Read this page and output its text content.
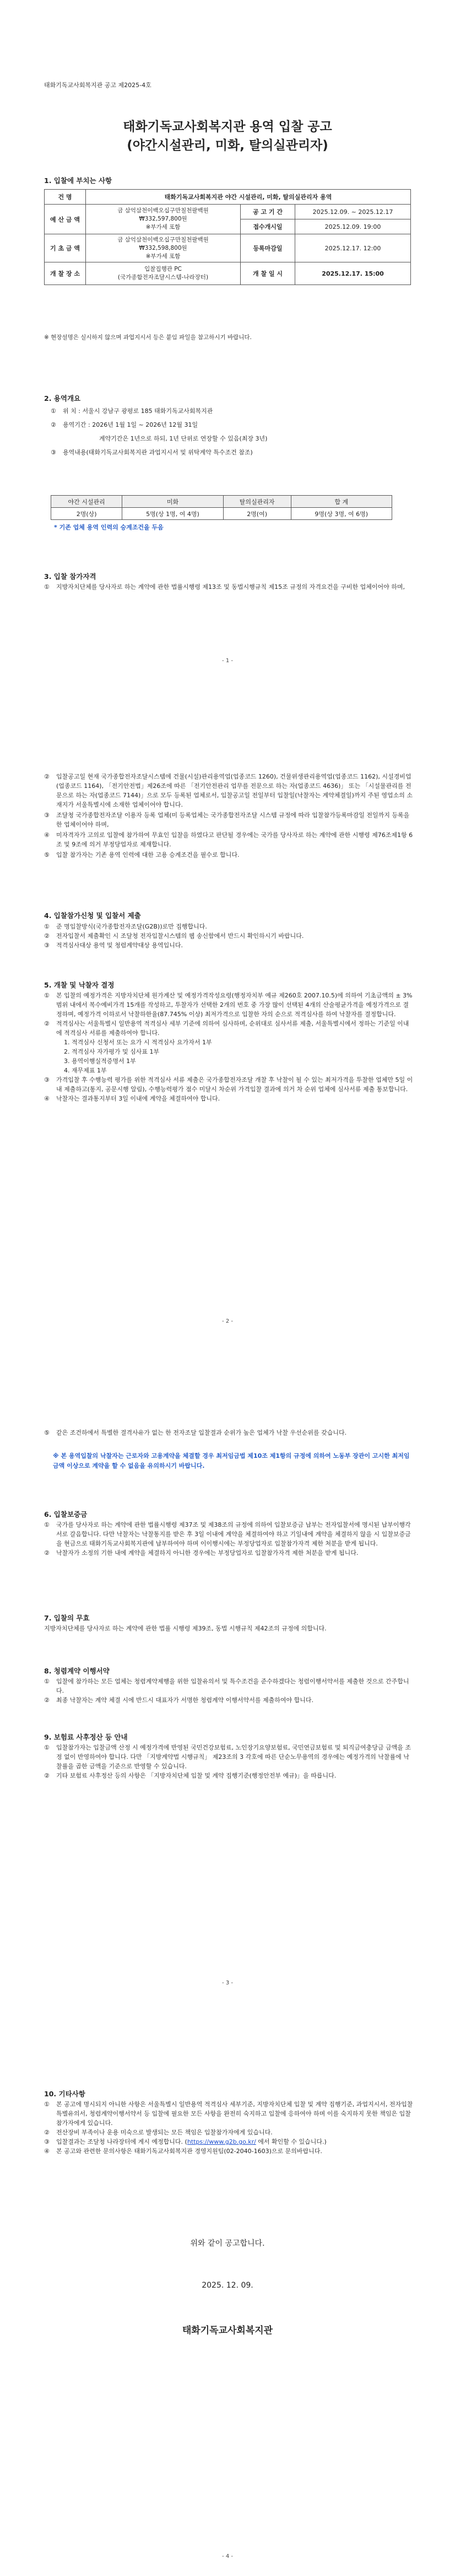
태화기독교사회복지관 공고 제2025-4호
태화기독교사회복지관 용역 입찰 공고
(야간시설관리, 미화, 탈의실관리자)
1. 입찰에 부치는 사항
건 명	태화기독교사회복지관 야간 시설관리, 미화, 탈의실관리자 용역		
예 산 금 액	금 삼억삼천이백오십구만칠천팔백원
₩332,597,800원
※부가세 포함	공 고 기 간	2025.12.09. ~ 2025.12.17
		접수개시일	2025.12.09. 19:00
기 초 금 액	금 삼억삼천이백오십구만칠천팔백원
₩332,598,800원
※부가세 포함	등록마감일	2025.12.17. 12:00
개 찰 장 소	입찰집행관 PC
(국가종합전자조달시스템-나라장터)	개 찰 일 시	2025.12.17. 15:00
※ 현장설명은 실시하지 않으며 과업지시서 등은 붙임 파일을 참고하시기 바랍니다.
2. 용역개요
①	위 치 : 서울시 강남구 광평로 185 태화기독교사회복지관
②	용역기간 : 2026년 1월 1일 ~ 2026년 12월 31일
계약기간은 1년으로 하되, 1년 단위로 연장할 수 있음(최장 3년)
③	용역내용(태화기독교사회복지관 과업지시서 및 위탁계약 특수조건 참조)
야간 시설관리	미화	탈의실관리자	합 계
2명(상)	5명(상 1명, 여 4명)	2명(여)	9명(상 3명, 여 6명)
* 기존 업체 용역 인력의 승계조건을 두음
3. 입찰 참가자격
①	지방자치단체를 당사자로 하는 계약에 관한 법률시행령 제13조 및 동법시행규칙 제15조 규정의 자격요건을 구비한 업체이어야 하며,
- 1 -
②	입찰공고일 현재 국가종합전자조달시스템에 건물(시설)관리용역업(업종코드 1260), 건물위생관리용역업(업종코드 1162), 시설경비업(업종코드 1164), 「전기안전법」제26조에 따른 「전기안전관리 업무를 전문으로 하는 자(업종코드 4636)」 또는 「시설물관리를 전문으로 하는 자(업종코드 7144)」으로 모두 등록된 업체로서, 입찰공고일 전일부터 입찰일(낙찰자는 계약체결일)까지 주된 영업소의 소재지가 서울특별시에 소재한 업체이어야 합니다.
③	조달청 국가종합전자조달 이용자 등록 업체(미 등록업체는 국가종합전자조달 시스템 규정에 따라 입찰참가등록마감일 전일까지 등록을 한 업체이어야 하며,
④	미자격자가 고의로 입찰에 참가하여 무효인 입찰을 하였다고 판단될 경우에는 국가를 당사자로 하는 계약에 관한 시행령 제76조제1항 6조 및 9조에 의거 부정당업자로 제재합니다.
⑤	입찰 참가자는 기존 용역 인력에 대한 고용 승계조건을 필수로 합니다.
4. 입찰참가신청 및 입찰서 제출
①	준 명입찰방식(국가종합전자조달(G2B))로만 집행합니다.
②	전자입찰서 제출확인 시 조달청 전자입찰시스템의 웹 송신함에서 반드시 확인하시기 바랍니다.
③	적격심사대상 용역 및 청렴계약대상 용역입니다.
5. 개찰 및 낙찰자 결정
①	본 입찰의 예정가격은 지방자치단체 원가계산 및 예정가격작성요령(행정자치부 예규 제260호 2007.10.5)에 의하여 기초금액의 ± 3% 범위 내에서 복수예비가격 15개를 작성하고, 투찰자가 선택한 2개의 번호 중 가장 많이 선택된 4개의 산술평균가격을 예정가격으로 결정하며, 예정가격 이하로서 낙찰하한율(87.745% 이상) 최저가격으로 입찰한 자의 순으로 적격심사를 하여 낙찰자를 결정합니다.
②	적격심사는 서울특별시 일반용역 적격심사 세부 기준에 의하여 심사하며, 순위대로 심사서류 제출, 서울특별시에서 정하는 기준일 이내에 적격심사 서류를 제출하여야 합니다.
1. 적격심사 신청서 또는 요가 시 적격심사 요가자서 1부
2. 적격심사 자가평가 및 심사표 1부
3. 용역이행실적증명서 1부
4. 재무제표 1부
③	가격입찰 후 수행능력 평가를 위한 적격심사 서류 제출은 국가종합전자조달 개찰 후 낙찰이 될 수 있는 최저가격을 투찰한 업체만 5일 이내 제출하고(통지, 공문시행 알림), 수행능력평가 점수 미달시 차순위 가격입찰 결과에 의거 차 순위 업체에 심사서류 제출 통보합니다.
④	낙찰자는 결과통지부터 3일 이내에 계약을 체결하여야 합니다.
- 2 -
⑤	같은 조건하에서 특별한 결격사유가 없는 한 전자조달 입찰결과 순위가 높은 업체가 낙찰 우선순위를 갖습니다.
※ 본 용역입찰의 낙찰자는 근로자와 고용계약을 체결할 경우 최저임금법 제10조 제1항의 규정에 의하여 노동부 장관이 고시한 최저임금액 이상으로 계약을 할 수 없음을 유의하시기 바랍니다.
6. 입찰보증금
①	국가를 당사자로 하는 계약에 관한 법률시행령 제37조 및 제38조의 규정에 의하여 입찰보증금 납부는 전자입찰서에 명시된 납부이행각서로 갈음합니다. 다만 낙찰자는 낙찰통지를 받은 후 3일 이내에 계약을 체결하여야 하고 기일내에 계약을 체결하지 않을 시 입찰보증금을 현금으로 태화기독교사회복지관에 납부하여야 하며 이이행시에는 부정당업자로 입찰참가자격 제한 처분을 받게 됩니다.
②	낙찰자가 소정의 기한 내에 계약을 체결하지 아니한 경우에는 부정당업자로 입찰참가자격 제한 처분을 받게 됩니다.
7. 입찰의 무효
지방자치단체를 당사자로 하는 계약에 관한 법률 시행령 제39조, 동법 시행규칙 제42조의 규정에 의합니다.
8. 청렴계약 이행서약
①	입찰에 참가하는 모든 업체는 청렴계약제행을 위한 입찰유의서 및 특수조건을 준수하겠다는 청렴이행서약서를 제출한 것으로 간주합니다.
②	최종 낙찰자는 계약 체결 시에 반드시 대표자가 서명한 청렴계약 이행서약서를 제출하여야 합니다.
9. 보험료 사후정산 등 안내
①	입찰참가자는 입찰금액 산정 시 예정가격에 반영된 국민건강보험료, 노인장기요양보험료, 국민연금보험료 및 퇴직금여충당금 금액을 조정 없이 반영하여야 합니다. 다만 「지방계약법 시행규칙」 제23조의 3 각호에 따른 단순노무용역의 경우에는 예정가격의 낙찰률에 낙찰률을 곱한 금액을 기준으로 반영할 수 있습니다.
②	기타 보험료 사후정산 등의 사항은 「지방자치단체 입찰 및 계약 집행기준(행정안전부 예규)」을 따릅니다.
- 3 -
10. 기타사항
①	본 공고에 명시되지 아니한 사항은 서울특별시 일반용역 적격심사 세부기준, 지방자치단체 입찰 및 계약 집행기준, 과업지시서, 전자입찰특별유의서, 청렴계약이행서약서 등 입찰에 필요한 모든 사항을 완전히 숙지하고 입찰에 응하여야 하며 이를 숙지하지 못한 책임은 입찰 참가자에게 있습니다.
②	전산장비 부족이나 운용 미숙으로 발생되는 모든 책임은 입찰참가자에게 있습니다.
③	입찰결과는 조달청 나라장터에 게시 예정합니다. (https://www.g2b.go.kr/ 에서 확인할 수 있습니다.)
④	본 공고와 관련한 문의사항은 태화기독교사회복지관 경영지원팀(02-2040-1603)으로 문의바랍니다.
위와 같이 공고합니다.
2025. 12. 09.
태화기독교사회복지관
- 4 -
